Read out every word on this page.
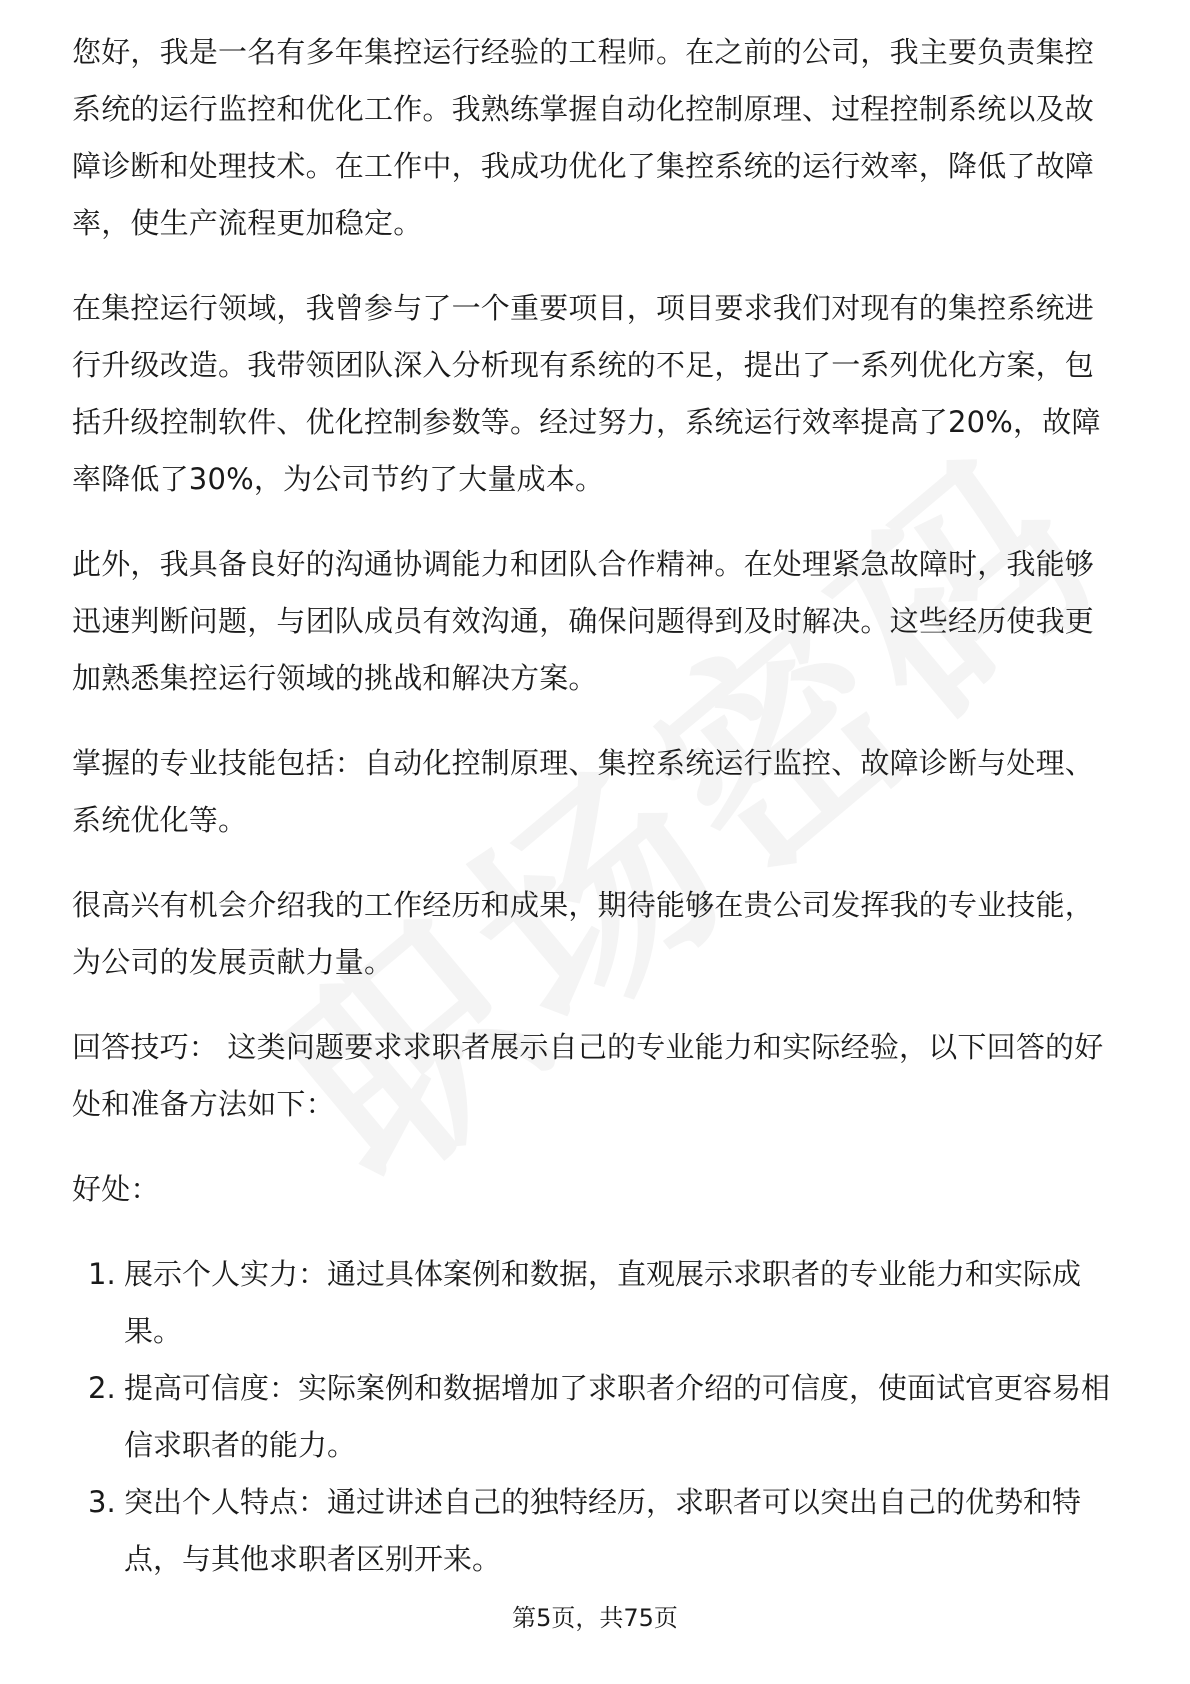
您好，我是一名有多年集控运行经验的工程师。在之前的公司，我主要负责集控系统的运行监控和优化工作。我熟练掌握自动化控制原理、过程控制系统以及故障诊断和处理技术。在工作中，我成功优化了集控系统的运行效率，降低了故障率，使生产流程更加稳定。

在集控运行领域，我曾参与了一个重要项目，项目要求我们对现有的集控系统进行升级改造。我带领团队深入分析现有系统的不足，提出了一系列优化方案，包括升级控制软件、优化控制参数等。经过努力，系统运行效率提高了20%，故障率降低了30%，为公司节约了大量成本。

此外，我具备良好的沟通协调能力和团队合作精神。在处理紧急故障时，我能够迅速判断问题，与团队成员有效沟通，确保问题得到及时解决。这些经历使我更加熟悉集控运行领域的挑战和解决方案。

掌握的专业技能包括：自动化控制原理、集控系统运行监控、故障诊断与处理、系统优化等。

很高兴有机会介绍我的工作经历和成果，期待能够在贵公司发挥我的专业技能，为公司的发展贡献力量。

回答技巧： 这类问题要求求职者展示自己的专业能力和实际经验，以下回答的好处和准备方法如下：

好处：

1. 展示个人实力：通过具体案例和数据，直观展示求职者的专业能力和实际成果。
2. 提高可信度：实际案例和数据增加了求职者介绍的可信度，使面试官更容易相信求职者的能力。
3. 突出个人特点：通过讲述自己的独特经历，求职者可以突出自己的优势和特点，与其他求职者区别开来。
第5页，共75页
